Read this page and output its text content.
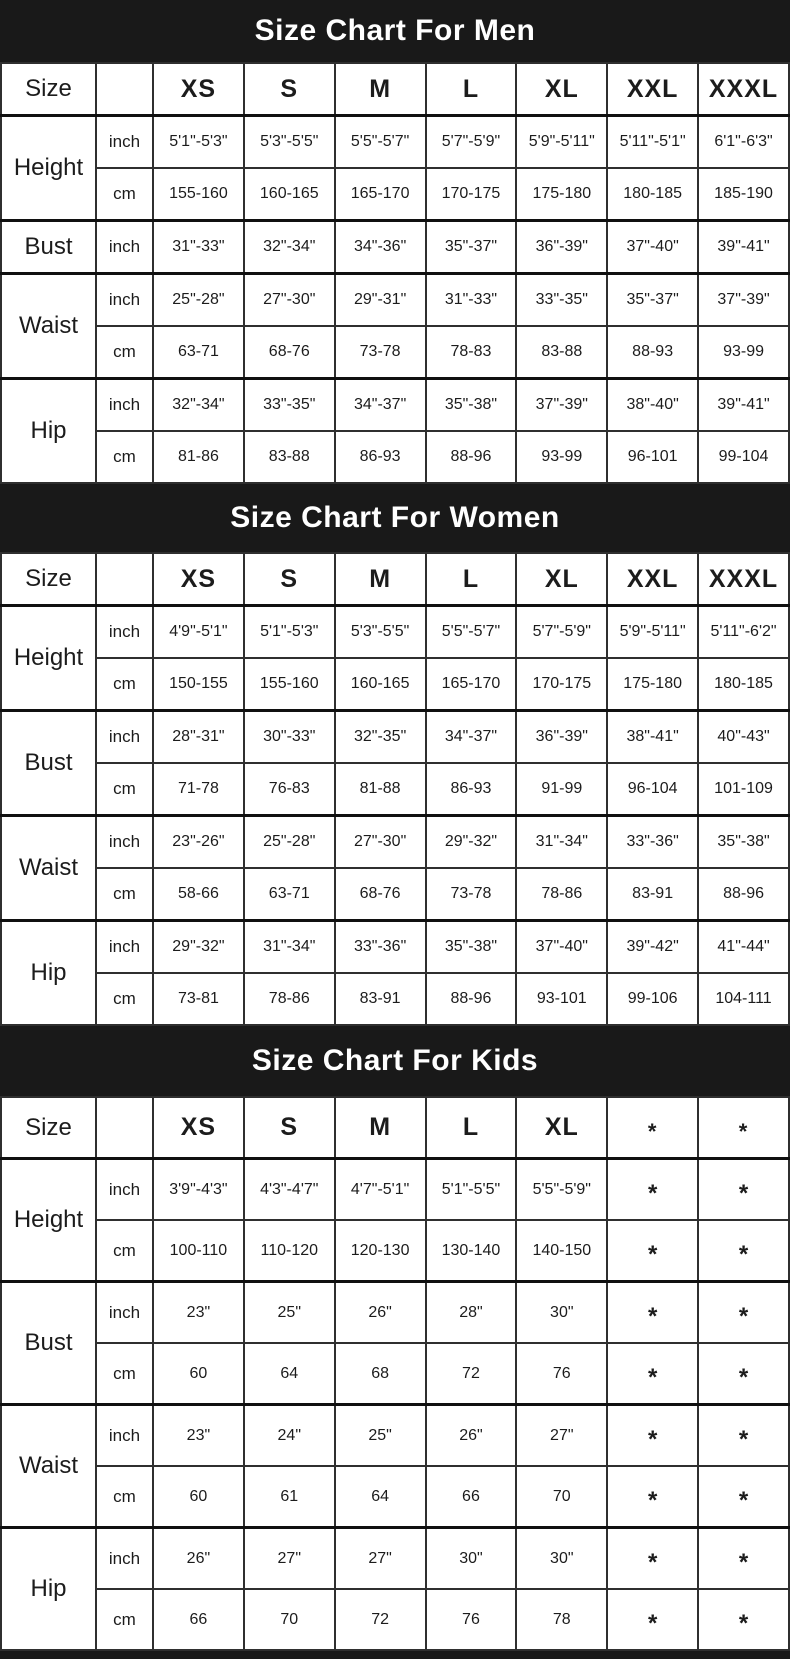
Size Chart For Men
Size		XS	S	M	L	XL	XXL	XXXL
Height	inch	5'1"-5'3"	5'3"-5'5"	5'5"-5'7"	5'7"-5'9"	5'9"-5'11"	5'11"-5'1"	6'1"-6'3"
	cm	155-160	160-165	165-170	170-175	175-180	180-185	185-190
Bust	inch	31"-33"	32"-34"	34"-36"	35"-37"	36"-39"	37"-40"	39"-41"
Waist	inch	25"-28"	27"-30"	29"-31"	31"-33"	33"-35"	35"-37"	37"-39"
	cm	63-71	68-76	73-78	78-83	83-88	88-93	93-99
Hip	inch	32"-34"	33"-35"	34"-37"	35"-38"	37"-39"	38"-40"	39"-41"
	cm	81-86	83-88	86-93	88-96	93-99	96-101	99-104
Size Chart For Women
Size		XS	S	M	L	XL	XXL	XXXL
Height	inch	4'9"-5'1"	5'1"-5'3"	5'3"-5'5"	5'5"-5'7"	5'7"-5'9"	5'9"-5'11"	5'11"-6'2"
	cm	150-155	155-160	160-165	165-170	170-175	175-180	180-185
Bust	inch	28"-31"	30"-33"	32"-35"	34"-37"	36"-39"	38"-41"	40"-43"
	cm	71-78	76-83	81-88	86-93	91-99	96-104	101-109
Waist	inch	23"-26"	25"-28"	27"-30"	29"-32"	31"-34"	33"-36"	35"-38"
	cm	58-66	63-71	68-76	73-78	78-86	83-91	88-96
Hip	inch	29"-32"	31"-34"	33"-36"	35"-38"	37"-40"	39"-42"	41"-44"
	cm	73-81	78-86	83-91	88-96	93-101	99-106	104-111
Size Chart For Kids
Size		XS	S	M	L	XL	*	*
Height	inch	3'9"-4'3"	4'3"-4'7"	4'7"-5'1"	5'1"-5'5"	5'5"-5'9"	*	*
	cm	100-110	110-120	120-130	130-140	140-150	*	*
Bust	inch	23"	25"	26"	28"	30"	*	*
	cm	60	64	68	72	76	*	*
Waist	inch	23"	24"	25"	26"	27"	*	*
	cm	60	61	64	66	70	*	*
Hip	inch	26"	27"	27"	30"	30"	*	*
	cm	66	70	72	76	78	*	*
